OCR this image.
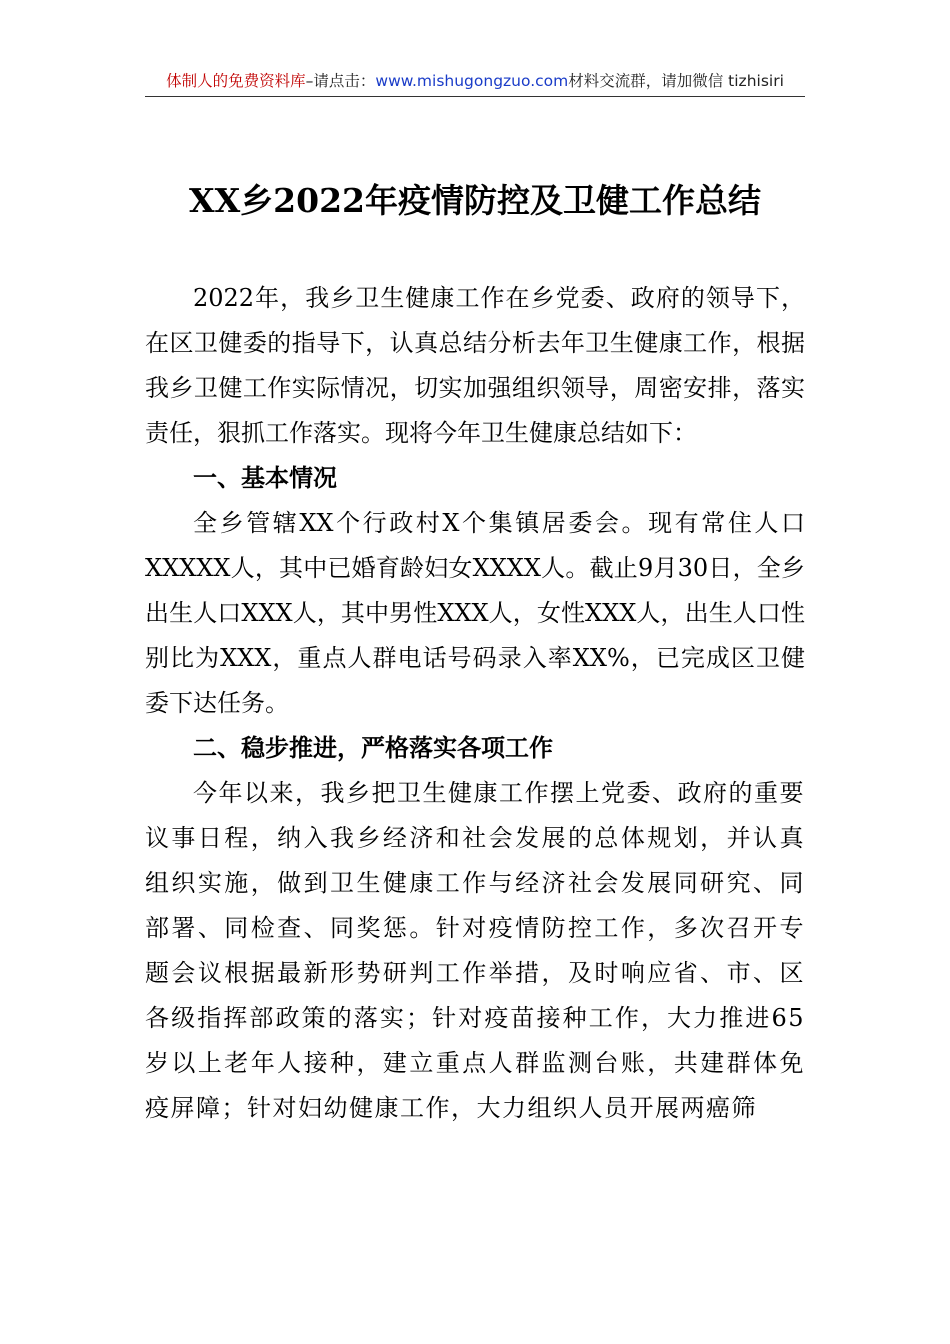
体制人的免费资料库–请点击：www.mishugongzuo.com材料交流群，请加微信 tizhisiri
XX乡2022年疫情防控及卫健工作总结

2022年，我乡卫生健康工作在乡党委、政府的领导下，在区卫健委的指导下，认真总结分析去年卫生健康工作，根据我乡卫健工作实际情况，切实加强组织领导，周密安排，落实责任，狠抓工作落实。现将今年卫生健康总结如下：

一、基本情况

全乡管辖XX个行政村X个集镇居委会。现有常住人口XXXXX人，其中已婚育龄妇女XXXX人。截止9月30日，全乡出生人口XXX人，其中男性XXX人，女性XXX人，出生人口性别比为XXX，重点人群电话号码录入率XX%，已完成区卫健委下达任务。

二、稳步推进，严格落实各项工作

今年以来，我乡把卫生健康工作摆上党委、政府的重要议事日程，纳入我乡经济和社会发展的总体规划，并认真组织实施，做到卫生健康工作与经济社会发展同研究、同部署、同检查、同奖惩。针对疫情防控工作，多次召开专题会议根据最新形势研判工作举措，及时响应省、市、区各级指挥部政策的落实；针对疫苗接种工作，大力推进65岁以上老年人接种，建立重点人群监测台账，共建群体免疫屏障；针对妇幼健康工作，大力组织人员开展两癌筛
